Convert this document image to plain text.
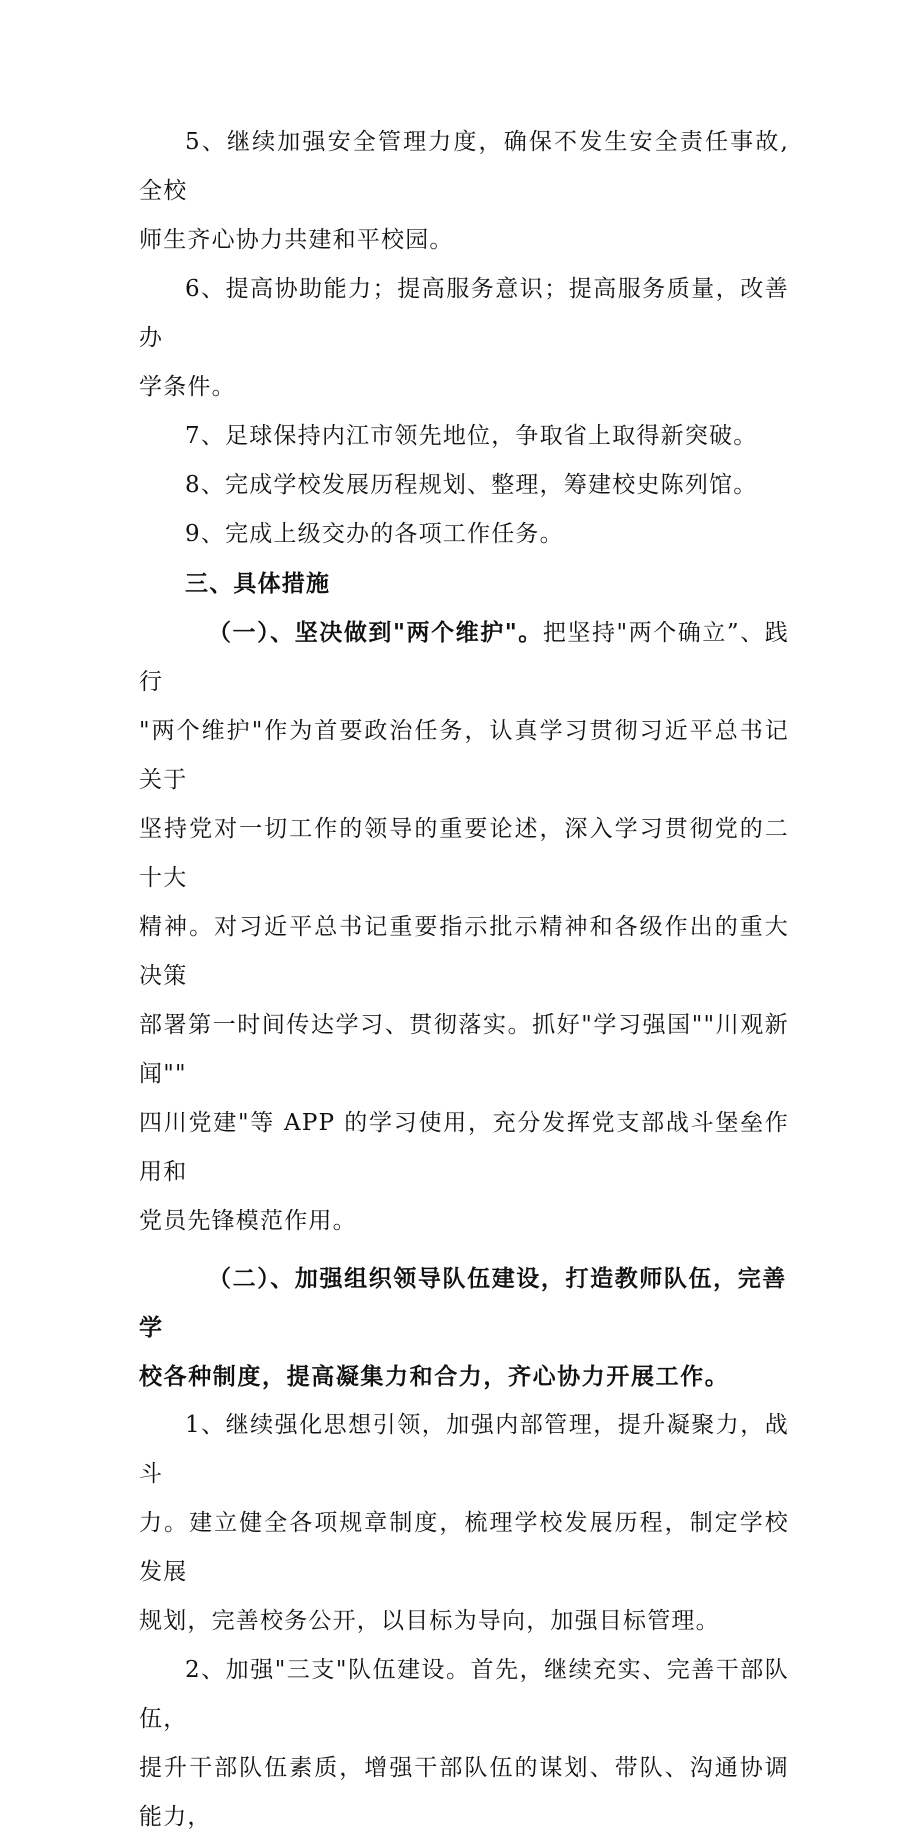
5、继续加强安全管理力度，确保不发生安全责任事故,全校
师生齐心协力共建和平校园。
6、提高协助能力；提高服务意识；提高服务质量，改善办
学条件。
7、足球保持内江市领先地位，争取省上取得新突破。
8、完成学校发展历程规划、整理，筹建校史陈列馆。
9、完成上级交办的各项工作任务。
三、具体措施
（一）、坚决做到"两个维护"。把坚持"两个确立”、践行
"两个维护"作为首要政治任务，认真学习贯彻习近平总书记关于
坚持党对一切工作的领导的重要论述，深入学习贯彻党的二十大
精神。对习近平总书记重要指示批示精神和各级作出的重大决策
部署第一时间传达学习、贯彻落实。抓好"学习强国""川观新闻""
四川党建"等 APP 的学习使用，充分发挥党支部战斗堡垒作用和
党员先锋模范作用。
（二）、加强组织领导队伍建设，打造教师队伍，完善学
校各种制度，提高凝集力和合力，齐心协力开展工作。
1、继续强化思想引领，加强内部管理，提升凝聚力，战斗
力。建立健全各项规章制度，梳理学校发展历程，制定学校发展
规划，完善校务公开，以目标为导向，加强目标管理。
2、加强"三支"队伍建设。首先，继续充实、完善干部队伍，
提升干部队伍素质，增强干部队伍的谋划、带队、沟通协调能力，
